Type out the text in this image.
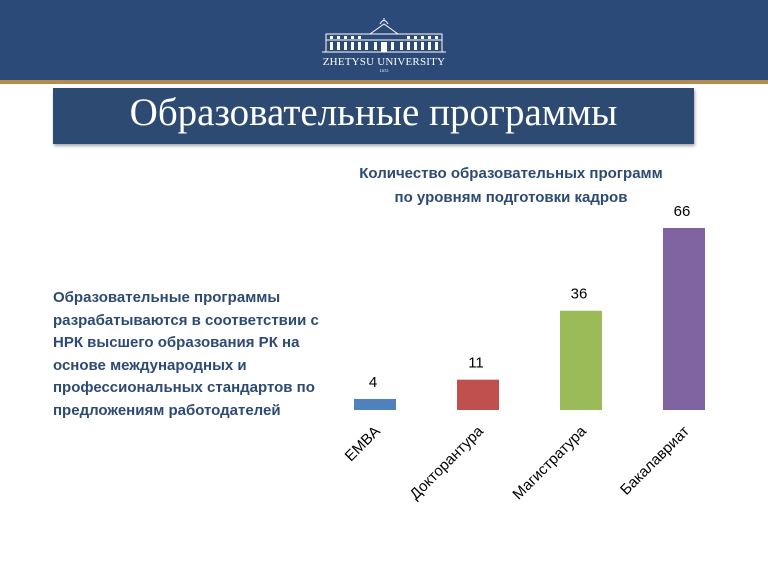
ZHETYSU UNIVERSITY
1972
Образовательные программы
Количество образовательных программ
по уровням подготовки кадров
Образовательные программы
разрабатываются в соответствии с
НРК высшего образования РК на
основе международных и
профессиональных стандартов по
предложениям работодателей
4
EMBA
11
Докторантура
36
Магистратура
66
Бакалавриат
